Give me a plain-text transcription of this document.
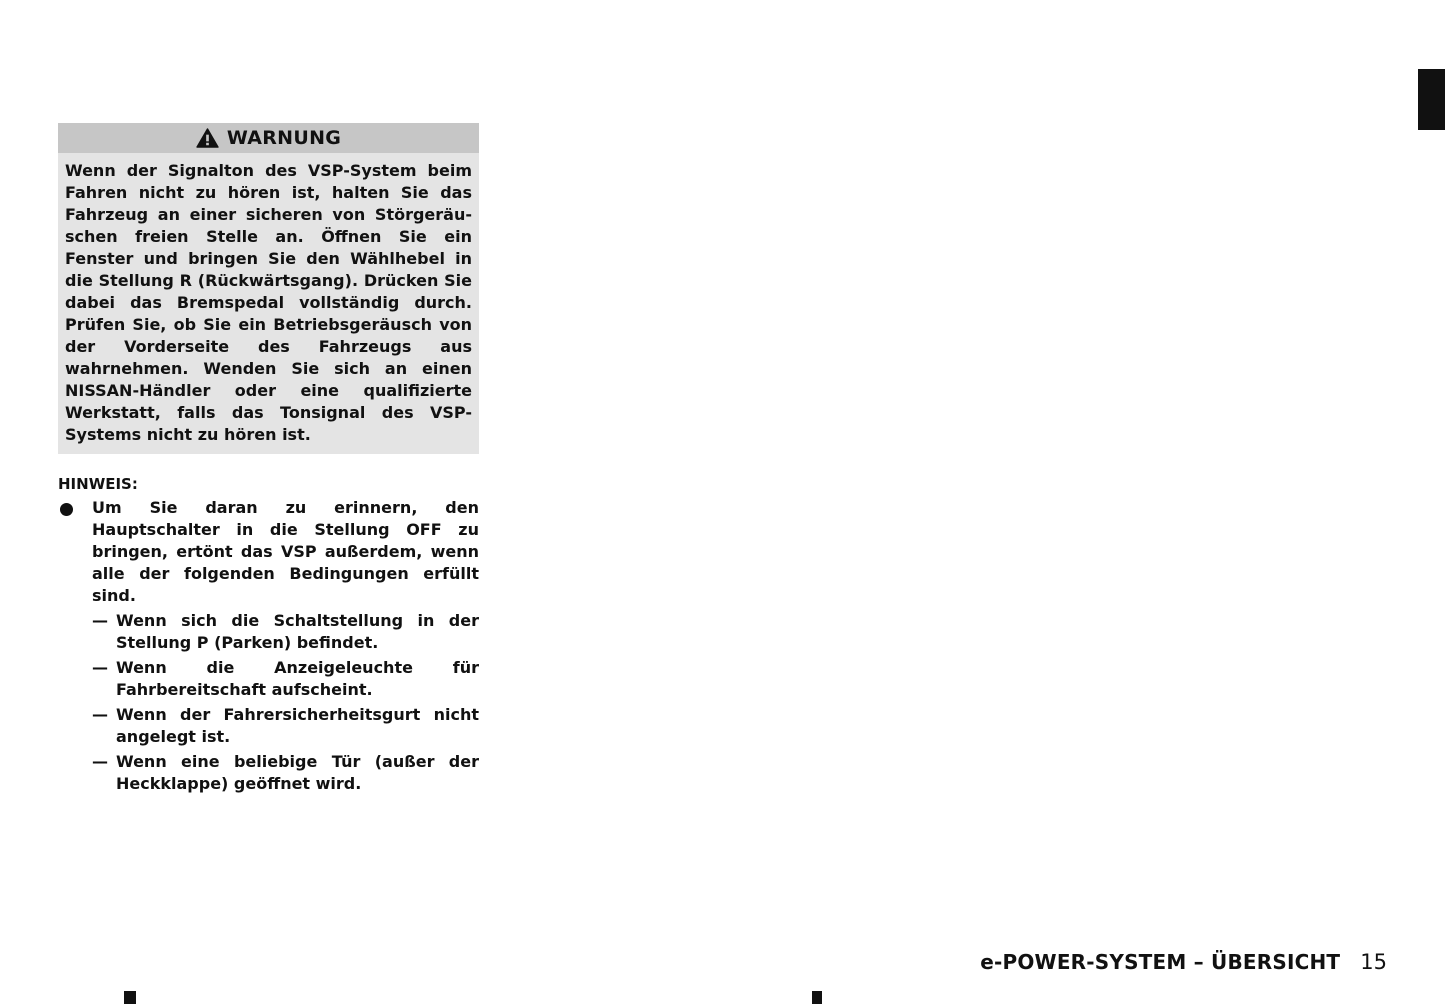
WARNUNG

Wenn der Signalton des VSP-System beim Fahren nicht zu hören ist, halten Sie das Fahrzeug an einer sicheren von Störgeräuschen freien Stelle an. Öffnen Sie ein Fenster und bringen Sie den Wählhebel in die Stellung R (Rückwärtsgang). Drücken Sie dabei das Bremspedal vollständig durch. Prüfen Sie, ob Sie ein Betriebsgeräusch von der Vorderseite des Fahrzeugs aus wahrnehmen. Wenden Sie sich an einen NISSAN-Händler oder eine qualifizierte Werkstatt, falls das Tonsignal des VSP-Systems nicht zu hören ist.

HINWEIS:

Um Sie daran zu erinnern, den Hauptschalter in die Stellung OFF zu bringen, ertönt das VSP außerdem, wenn alle der folgenden Bedingungen erfüllt sind.

— Wenn sich die Schaltstellung in der Stellung P (Parken) befindet.
— Wenn die Anzeigeleuchte für Fahrbereitschaft aufscheint.
— Wenn der Fahrersicherheitsgurt nicht angelegt ist.
— Wenn eine beliebige Tür (außer der Heckklappe) geöffnet wird.
e-POWER-SYSTEM – ÜBERSICHT 15
